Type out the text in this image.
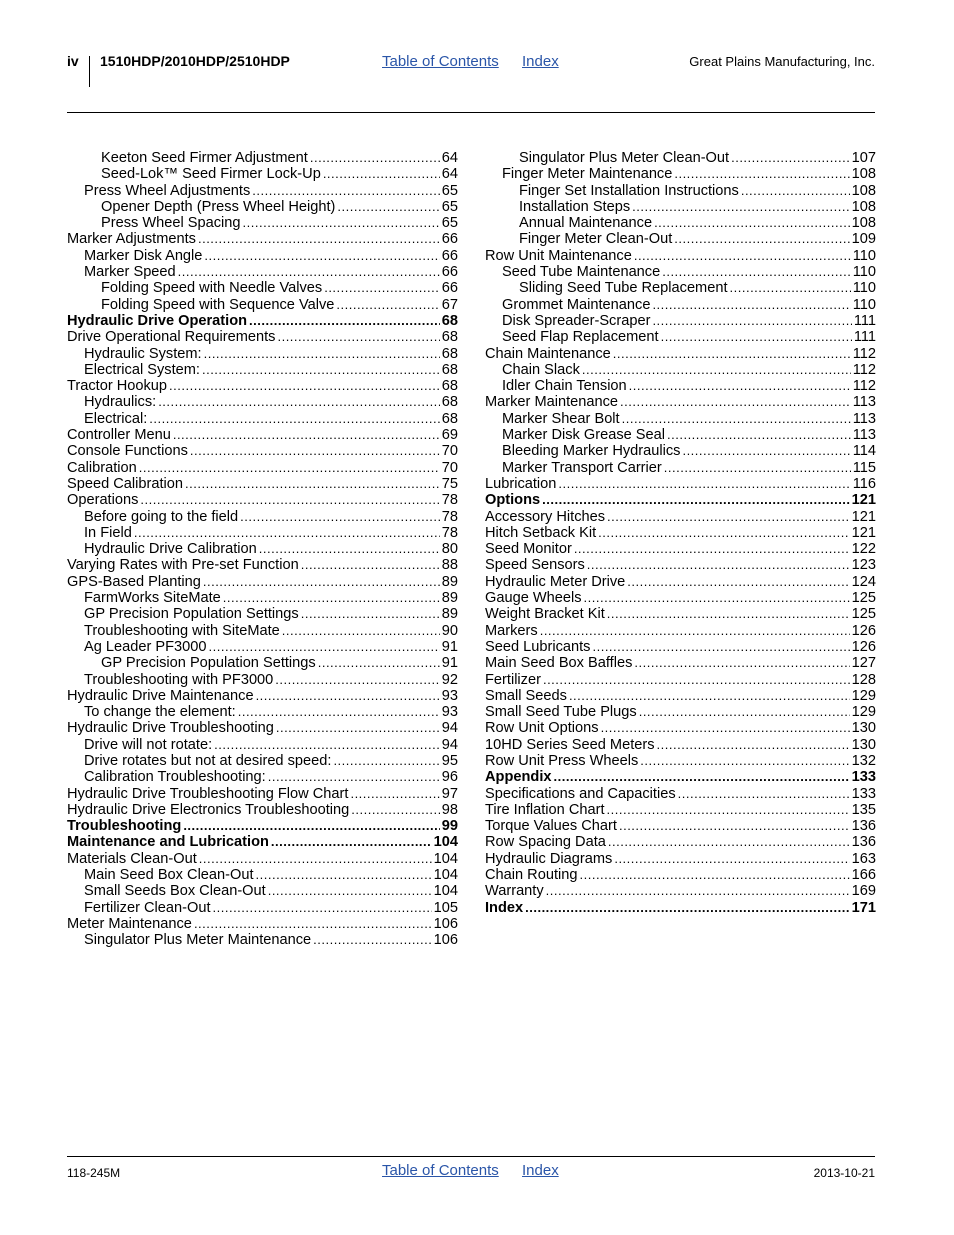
iv 1510HDP/2010HDP/2510HDP	Table of Contents Index	Great Plains Manufacturing, Inc.
Keeton Seed Firmer Adjustment .....	64
Seed-Lok™ Seed Firmer Lock-Up .....	64
Press Wheel Adjustments .....	65
Opener Depth (Press Wheel Height) .....	65
Press Wheel Spacing .....	65
Marker Adjustments .....	66
Marker Disk Angle .....	66
Marker Speed .....	66
Folding Speed with Needle Valves .....	66
Folding Speed with Sequence Valve .....	67
Hydraulic Drive Operation .....	68
Drive Operational Requirements .....	68
Hydraulic System: .....	68
Electrical System: .....	68
Tractor Hookup .....	68
Hydraulics: .....	68
Electrical: .....	68
Controller Menu .....	69
Console Functions .....	70
Calibration .....	70
Speed Calibration .....	75
Operations .....	78
Before going to the field .....	78
In Field .....	78
Hydraulic Drive Calibration .....	80
Varying Rates with Pre-set Function .....	88
GPS-Based Planting .....	89
FarmWorks SiteMate .....	89
GP Precision Population Settings .....	89
Troubleshooting with SiteMate .....	90
Ag Leader PF3000 .....	91
GP Precision Population Settings .....	91
Troubleshooting with PF3000 .....	92
Hydraulic Drive Maintenance .....	93
To change the element: .....	93
Hydraulic Drive Troubleshooting .....	94
Drive will not rotate: .....	94
Drive rotates but not at desired speed: .....	95
Calibration Troubleshooting: .....	96
Hydraulic Drive Troubleshooting Flow Chart .....	97
Hydraulic Drive Electronics Troubleshooting .....	98
Troubleshooting .....	99
Maintenance and Lubrication .....	104
Materials Clean-Out .....	104
Main Seed Box Clean-Out .....	104
Small Seeds Box Clean-Out .....	104
Fertilizer Clean-Out .....	105
Meter Maintenance .....	106
Singulator Plus Meter Maintenance .....	106
Singulator Plus Meter Clean-Out .....	107
Finger Meter Maintenance .....	108
Finger Set Installation Instructions .....	108
Installation Steps .....	108
Annual Maintenance .....	108
Finger Meter Clean-Out .....	109
Row Unit Maintenance .....	110
Seed Tube Maintenance .....	110
Sliding Seed Tube Replacement .....	110
Grommet Maintenance .....	110
Disk Spreader-Scraper .....	111
Seed Flap Replacement .....	111
Chain Maintenance .....	112
Chain Slack .....	112
Idler Chain Tension .....	112
Marker Maintenance .....	113
Marker Shear Bolt .....	113
Marker Disk Grease Seal .....	113
Bleeding Marker Hydraulics .....	114
Marker Transport Carrier .....	115
Lubrication .....	116
Options .....	121
Accessory Hitches .....	121
Hitch Setback Kit .....	121
Seed Monitor .....	122
Speed Sensors .....	123
Hydraulic Meter Drive .....	124
Gauge Wheels .....	125
Weight Bracket Kit .....	125
Markers .....	126
Seed Lubricants .....	126
Main Seed Box Baffles .....	127
Fertilizer .....	128
Small Seeds .....	129
Small Seed Tube Plugs .....	129
Row Unit Options .....	130
10HD Series Seed Meters .....	130
Row Unit Press Wheels .....	132
Appendix .....	133
Specifications and Capacities .....	133
Tire Inflation Chart .....	135
Torque Values Chart .....	136
Row Spacing Data .....	136
Hydraulic Diagrams .....	163
Chain Routing .....	166
Warranty .....	169
Index .....	171
118-245M	Table of Contents Index	2013-10-21
